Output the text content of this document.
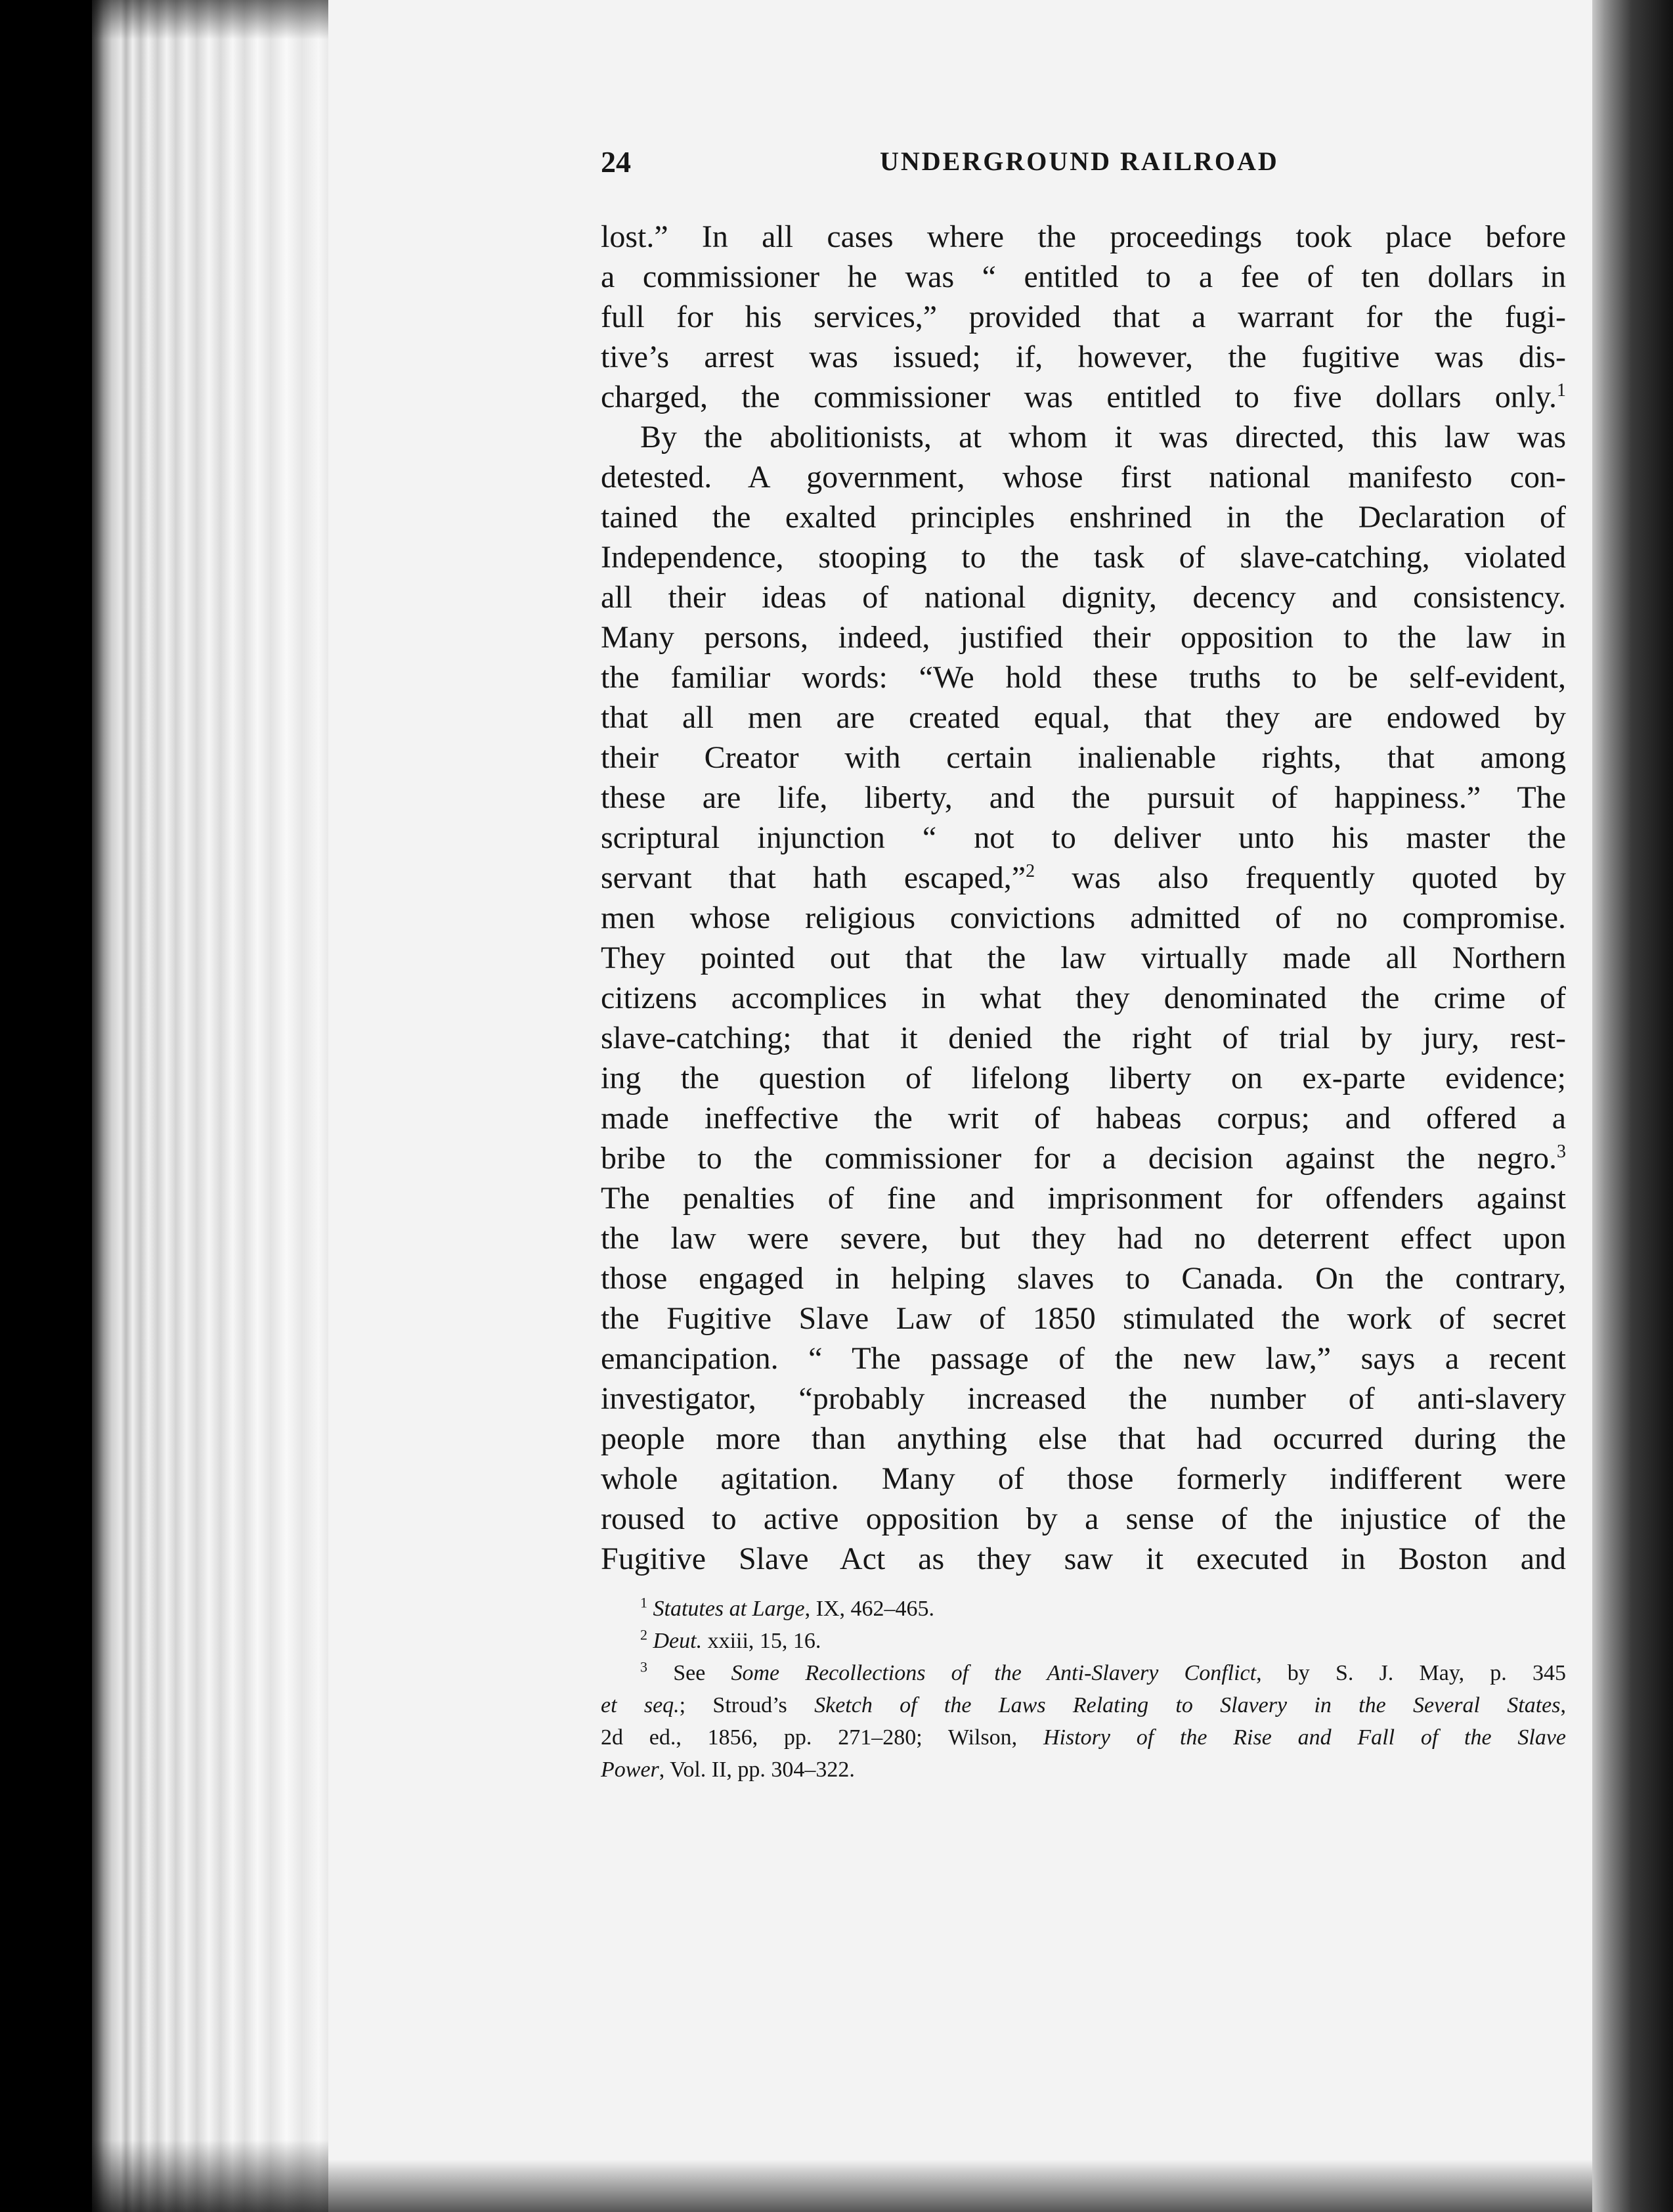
24	UNDERGROUND RAILROAD
lost.” In all cases where the proceedings took place before
a commissioner he was “ entitled to a fee of ten dollars in
full for his services,” provided that a warrant for the fugi-
tive’s arrest was issued; if, however, the fugitive was dis-
charged, the commissioner was entitled to five dollars only.$^1$
By the abolitionists, at whom it was directed, this law was
detested. A government, whose first national manifesto con-
tained the exalted principles enshrined in the Declaration of
Independence, stooping to the task of slave-catching, violated
all their ideas of national dignity, decency and consistency.
Many persons, indeed, justified their opposition to the law in
the familiar words: “We hold these truths to be self-evident,
that all men are created equal, that they are endowed by
their Creator with certain inalienable rights, that among
these are life, liberty, and the pursuit of happiness.” The
scriptural injunction “ not to deliver unto his master the
servant that hath escaped,”$^2$ was also frequently quoted by
men whose religious convictions admitted of no compromise.
They pointed out that the law virtually made all Northern
citizens accomplices in what they denominated the crime of
slave-catching; that it denied the right of trial by jury, rest-
ing the question of lifelong liberty on ex-parte evidence;
made ineffective the writ of habeas corpus; and offered a
bribe to the commissioner for a decision against the negro.$^3$
The penalties of fine and imprisonment for offenders against
the law were severe, but they had no deterrent effect upon
those engaged in helping slaves to Canada. On the contrary,
the Fugitive Slave Law of 1850 stimulated the work of secret
emancipation. “ The passage of the new law,” says a recent
investigator, “probably increased the number of anti-slavery
people more than anything else that had occurred during the
whole agitation. Many of those formerly indifferent were
roused to active opposition by a sense of the injustice of the
Fugitive Slave Act as they saw it executed in Boston and
$^1$ Statutes at Large, IX, 462–465.
$^2$ Deut. xxiii, 15, 16.
$^3$ See Some Recollections of the Anti-Slavery Conflict, by S. J. May, p. 345
et seq.; Stroud’s Sketch of the Laws Relating to Slavery in the Several States,
2d ed., 1856, pp. 271–280; Wilson, History of the Rise and Fall of the Slave
Power, Vol. II, pp. 304–322.
